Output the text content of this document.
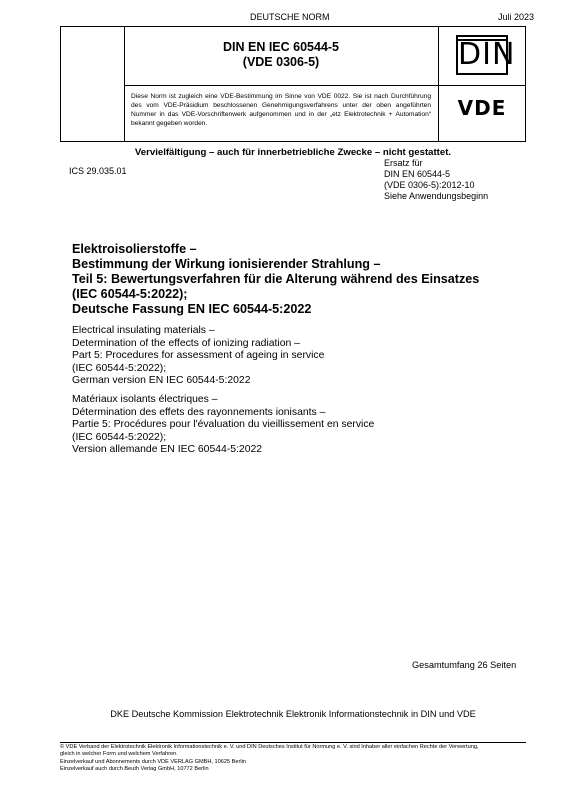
DEUTSCHE NORM	Juli 2023
DIN EN IEC 60544-5
(VDE 0306-5)	DIN
Diese Norm ist zugleich eine VDE-Bestimmung im Sinne von VDE 0022. Sie ist nach Durchführung des vom VDE-Präsidium beschlossenen Genehmigungsverfahrens unter der oben angeführten Nummer in das VDE-Vorschriftenwerk aufgenommen und in der „etz Elektrotechnik + Automation“ bekannt gegeben worden.
VDE
Vervielfältigung – auch für innerbetriebliche Zwecke – nicht gestattet.
ICS 29.035.01
Ersatz für
DIN EN 60544-5
(VDE 0306-5):2012-10
Siehe Anwendungsbeginn
Elektroisolierstoffe –
Bestimmung der Wirkung ionisierender Strahlung –
Teil 5: Bewertungsverfahren für die Alterung während des Einsatzes
(IEC 60544-5:2022);
Deutsche Fassung EN IEC 60544-5:2022
Electrical insulating materials –
Determination of the effects of ionizing radiation –
Part 5: Procedures for assessment of ageing in service
(IEC 60544-5:2022);
German version EN IEC 60544-5:2022
Matériaux isolants électriques –
Détermination des effets des rayonnements ionisants –
Partie 5: Procédures pour l'évaluation du vieillissement en service
(IEC 60544-5:2022);
Version allemande EN IEC 60544-5:2022
Gesamtumfang 26 Seiten
DKE Deutsche Kommission Elektrotechnik Elektronik Informationstechnik in DIN und VDE
© VDE Verband der Elektrotechnik Elektronik Informationstechnik e. V. und DIN Deutsches Institut für Normung e. V. sind Inhaber aller einfachen Rechte der Verwertung,
gleich in welcher Form und welchem Verfahren.
Einzelverkauf und Abonnements durch VDE VERLAG GMBH, 10625 Berlin
Einzelverkauf auch durch Beuth Verlag GmbH, 10772 Berlin
